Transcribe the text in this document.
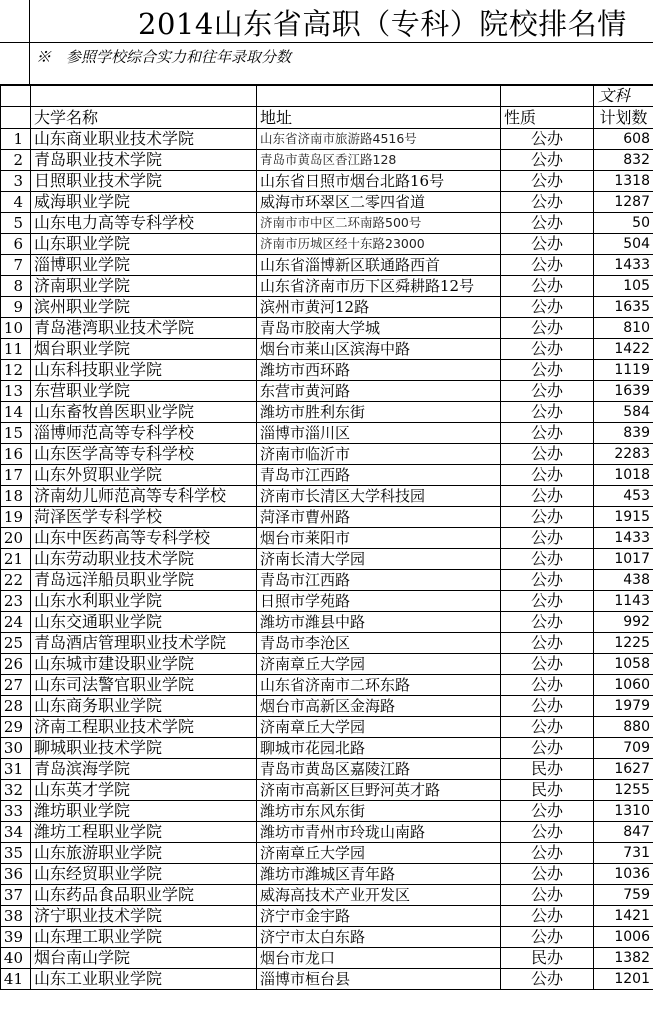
2014山东省高职（专科）院校排名情
※　参照学校综合实力和往年录取分数
				文科
	大学名称	地址	性质	计划数
1	山东商业职业技术学院	山东省济南市旅游路4516号	公办	608
2	青岛职业技术学院	青岛市黄岛区香江路128	公办	832
3	日照职业技术学院	山东省日照市烟台北路16号	公办	1318
4	威海职业学院	威海市环翠区二零四省道	公办	1287
5	山东电力高等专科学校	济南市市中区二环南路500号	公办	50
6	山东职业学院	济南市历城区经十东路23000	公办	504
7	淄博职业学院	山东省淄博新区联通路西首	公办	1433
8	济南职业学院	山东省济南市历下区舜耕路12号	公办	105
9	滨州职业学院	滨州市黄河12路	公办	1635
10	青岛港湾职业技术学院	青岛市胶南大学城	公办	810
11	烟台职业学院	烟台市莱山区滨海中路	公办	1422
12	山东科技职业学院	潍坊市西环路	公办	1119
13	东营职业学院	东营市黄河路	公办	1639
14	山东畜牧兽医职业学院	潍坊市胜利东街	公办	584
15	淄博师范高等专科学校	淄博市淄川区	公办	839
16	山东医学高等专科学校	济南市临沂市	公办	2283
17	山东外贸职业学院	青岛市江西路	公办	1018
18	济南幼儿师范高等专科学校	济南市长清区大学科技园	公办	453
19	菏泽医学专科学校	菏泽市曹州路	公办	1915
20	山东中医药高等专科学校	烟台市莱阳市	公办	1433
21	山东劳动职业技术学院	济南长清大学园	公办	1017
22	青岛远洋船员职业学院	青岛市江西路	公办	438
23	山东水利职业学院	日照市学苑路	公办	1143
24	山东交通职业学院	潍坊市潍县中路	公办	992
25	青岛酒店管理职业技术学院	青岛市李沧区	公办	1225
26	山东城市建设职业学院	济南章丘大学园	公办	1058
27	山东司法警官职业学院	山东省济南市二环东路	公办	1060
28	山东商务职业学院	烟台市高新区金海路	公办	1979
29	济南工程职业技术学院	济南章丘大学园	公办	880
30	聊城职业技术学院	聊城市花园北路	公办	709
31	青岛滨海学院	青岛市黄岛区嘉陵江路	民办	1627
32	山东英才学院	济南市高新区巨野河英才路	民办	1255
33	潍坊职业学院	潍坊市东风东街	公办	1310
34	潍坊工程职业学院	潍坊市青州市玲珑山南路	公办	847
35	山东旅游职业学院	济南章丘大学园	公办	731
36	山东经贸职业学院	潍坊市潍城区青年路	公办	1036
37	山东药品食品职业学院	威海高技术产业开发区	公办	759
38	济宁职业技术学院	济宁市金宇路	公办	1421
39	山东理工职业学院	济宁市太白东路	公办	1006
40	烟台南山学院	烟台市龙口	民办	1382
41	山东工业职业学院	淄博市桓台县	公办	1201
